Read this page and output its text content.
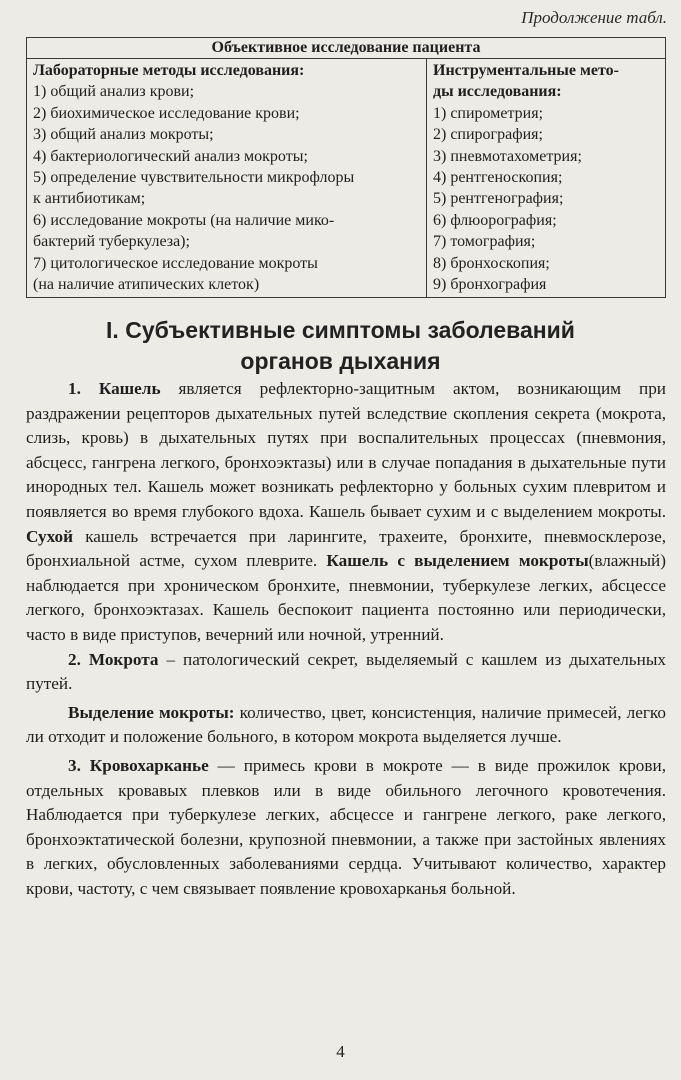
Продолжение табл.
Объективное исследование пациента

Лабораторные методы исследования:
1) общий анализ крови;
2) биохимическое исследование крови;
3) общий анализ мокроты;
4) бактериологический анализ мокроты;
5) определение чувствительности микрофлоры
к антибиотикам;
6) исследование мокроты (на наличие мико-
бактерий туберкулеза);
7) цитологическое исследование мокроты
(на наличие атипических клеток)

Инструментальные мето-
ды исследования:
1) спирометрия;
2) спирография;
3) пневмотахометрия;
4) рентгеноскопия;
5) рентгенография;
6) флюорография;
7) томография;
8) бронхоскопия;
9) бронхография
I. Субъективные симптомы заболеваний
органов дыхания

1. Кашель является рефлекторно-защитным актом, возникающим при раздражении рецепторов дыхательных путей вследствие скопления секрета (мокрота, слизь, кровь) в дыхательных путях при воспалительных процессах (пневмония, абсцесс, гангрена легкого, бронхоэктазы) или в случае попадания в дыхательные пути инородных тел. Кашель может возникать рефлекторно у больных сухим плевритом и появляется во время глубокого вдоха. Кашель бывает сухим и с выделением мокроты. Сухой кашель встречается при ларингите, трахеите, бронхите, пневмосклерозе, бронхиальной астме, сухом плеврите. Кашель с выделением мокроты(влажный) наблюдается при хроническом бронхите, пневмонии, туберкулезе легких, абсцессе легкого, бронхоэктазах. Кашель беспокоит пациента постоянно или периодически, часто в виде приступов, вечерний или ночной, утренний.

2. Мокрота – патологический секрет, выделяемый с кашлем из дыхательных путей.

Выделение мокроты: количество, цвет, консистенция, наличие примесей, легко ли отходит и положение больного, в котором мокрота выделяется лучше.

3. Кровохарканье — примесь крови в мокроте — в виде прожилок крови, отдельных кровавых плевков или в виде обильного легочного кровотечения. Наблюдается при туберкулезе легких, абсцессе и гангрене легкого, раке легкого, бронхоэктатической болезни, крупозной пневмонии, а также при застойных явлениях в легких, обусловленных заболеваниями сердца. Учитывают количество, характер крови, частоту, с чем связывает появление кровохарканья больной.

4
